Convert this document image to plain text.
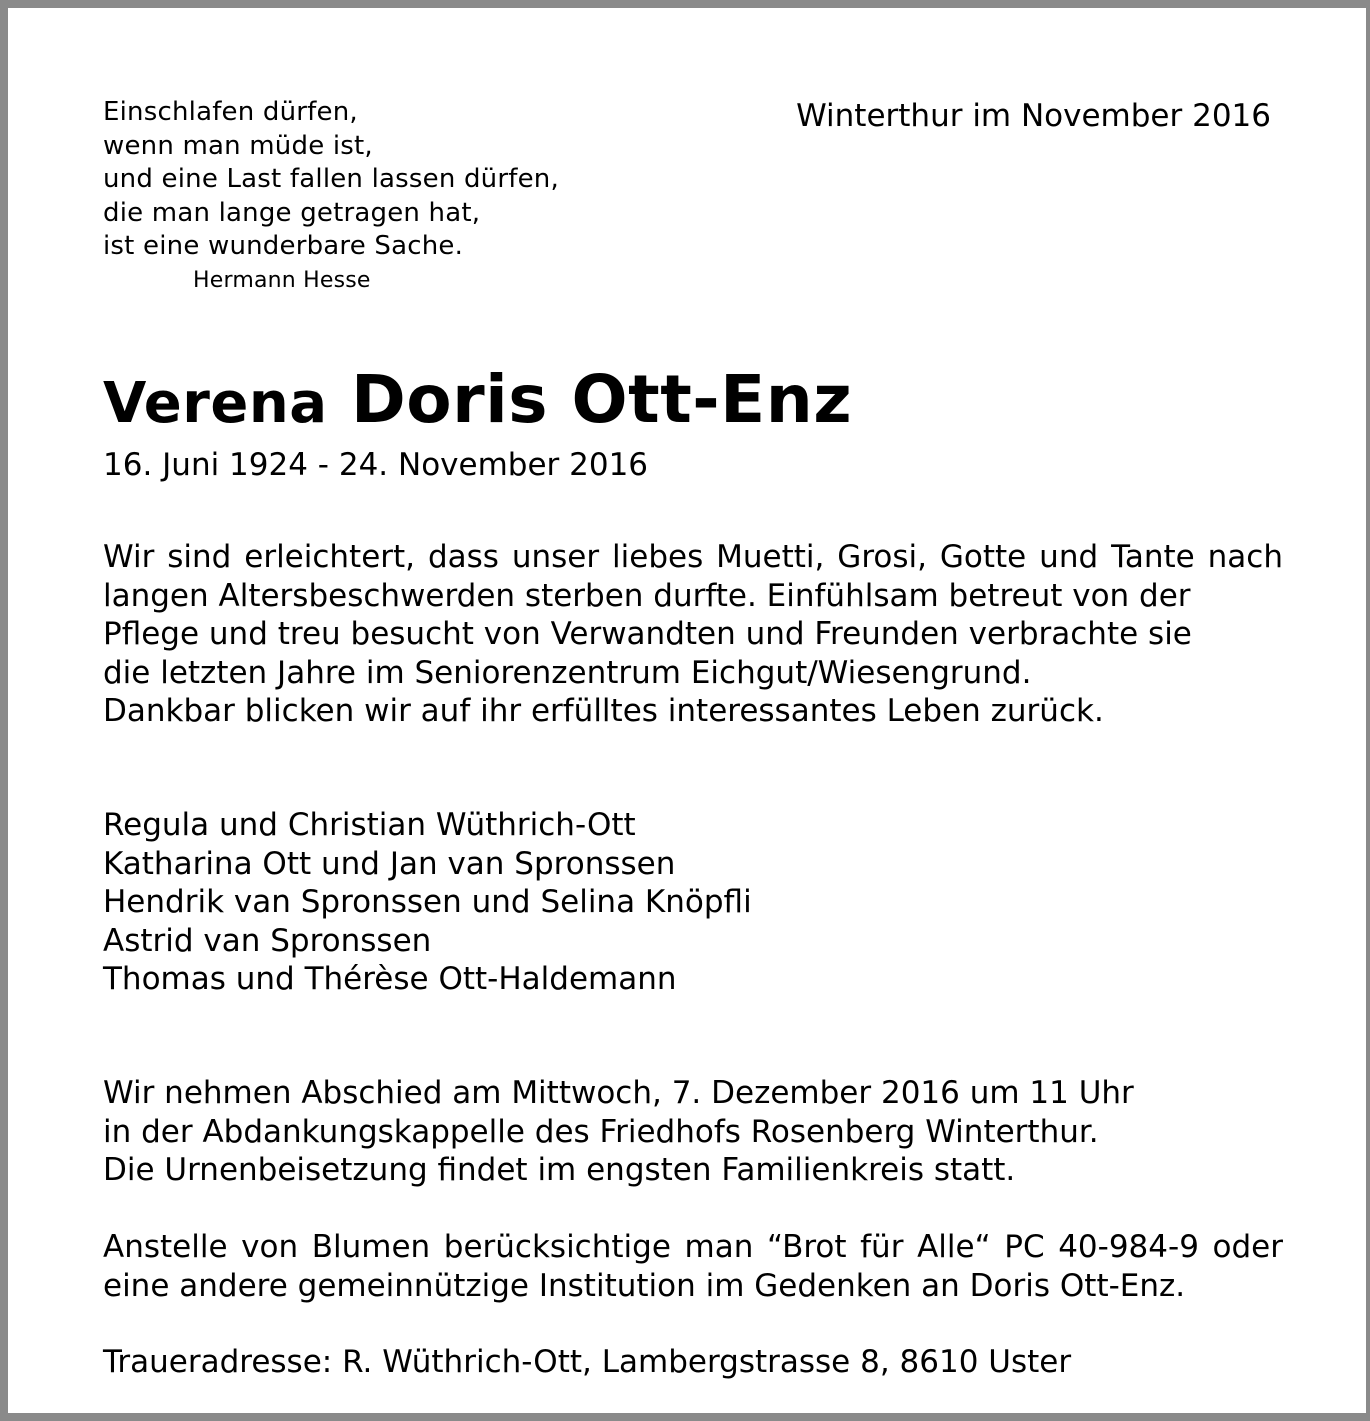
Einschlafen dürfen,
wenn man müde ist,
und eine Last fallen lassen dürfen,
die man lange getragen hat,
ist eine wunderbare Sache.
Hermann Hesse
Winterthur im November 2016
Verena Doris Ott-Enz
16. Juni 1924 - 24. November 2016
Wir sind erleichtert, dass unser liebes Muetti, Grosi, Gotte und Tante nach
langen Altersbeschwerden sterben durfte. Einfühlsam betreut von der
Pflege und treu besucht von Verwandten und Freunden verbrachte sie
die letzten Jahre im Seniorenzentrum Eichgut/Wiesengrund.
Dankbar blicken wir auf ihr erfülltes interessantes Leben zurück.
Regula und Christian Wüthrich-Ott
Katharina Ott und Jan van Spronssen
Hendrik van Spronssen und Selina Knöpfli
Astrid van Spronssen
Thomas und Thérèse Ott-Haldemann
Wir nehmen Abschied am Mittwoch, 7. Dezember 2016 um 11 Uhr
in der Abdankungskappelle des Friedhofs Rosenberg Winterthur.
Die Urnenbeisetzung findet im engsten Familienkreis statt.
Anstelle von Blumen berücksichtige man “Brot für Alle“ PC 40-984-9 oder
eine andere gemeinnützige Institution im Gedenken an Doris Ott-Enz.
Traueradresse: R. Wüthrich-Ott, Lambergstrasse 8, 8610 Uster
